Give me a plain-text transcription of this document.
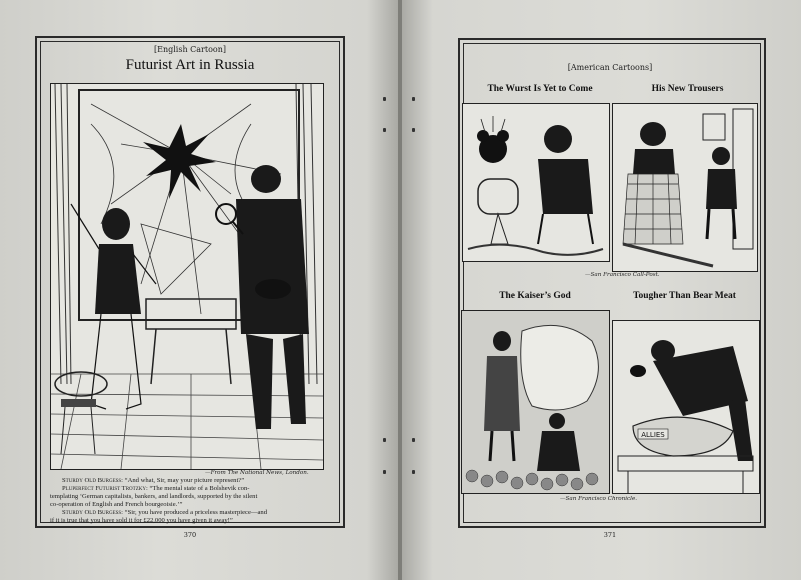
[English Cartoon]
Futurist Art in Russia
—From The National News, London.
Sturdy Old Burgess: “And what, Sir, may your picture represent?”
Pluperfect Futurist Trotzky: “The mental state of a Bolshevik con-
templating ‘German capitalists, bankers, and landlords, supported by the silent
co-operation of English and French bourgeoisie.’”
Sturdy Old Burgess: “Sir, you have produced a priceless masterpiece—and
if it is true that you have sold it for £22,000 you have given it away!”
370
[American Cartoons]
The Wurst Is Yet to Come	His New Trousers
—San Francisco Call-Post.
The Kaiser’s God	Tougher Than Bear Meat
ALLIES
—San Francisco Chronicle.
371
